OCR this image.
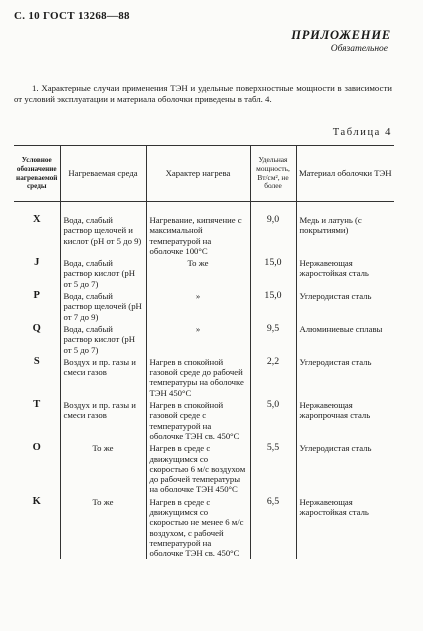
С. 10 ГОСТ 13268—88
ПРИЛОЖЕНИЕ
Обязательное
1. Характерные случаи применения ТЭН и удельные поверхностные мощности в зависимости от условий эксплуатации и материала оболочки приведены в табл. 4.
Таблица 4
Условное обозначение нагреваемой среды	Нагреваемая среда	Характер нагрева	Удельная мощность, Вт/см², не более	Материал оболочки ТЭН
X	Вода, слабый раствор щелочей и кислот (рН от 5 до 9)	Нагревание, кипячение с максимальной температурой на оболочке 100°С	9,0	Медь и латунь (с покрытиями)
J	Вода, слабый раствор кислот (рН от 5 до 7)	То же	15,0	Нержавеющая жаростойкая сталь
P	Вода, слабый раствор щелочей (рН от 7 до 9)	»	15,0	Углеродистая сталь
Q	Вода, слабый раствор кислот (рН от 5 до 7)	»	9,5	Алюминиевые сплавы
S	Воздух и пр. газы и смеси газов	Нагрев в спокойной газовой среде до рабочей температуры на оболочке ТЭН 450°С	2,2	Углеродистая сталь
T	Воздух и пр. газы и смеси газов	Нагрев в спокойной газовой среде с температурой на оболочке ТЭН св. 450°С	5,0	Нержавеющая жаропрочная сталь
O	То же	Нагрев в среде с движущимся со скоростью 6 м/с воздухом до рабочей температуры на оболочке ТЭН 450°С	5,5	Углеродистая сталь
K	То же	Нагрев в среде с движущимся со скоростью не менее 6 м/с воздухом, с рабочей температурой на оболочке ТЭН св. 450°С	6,5	Нержавеющая жаростойкая сталь
